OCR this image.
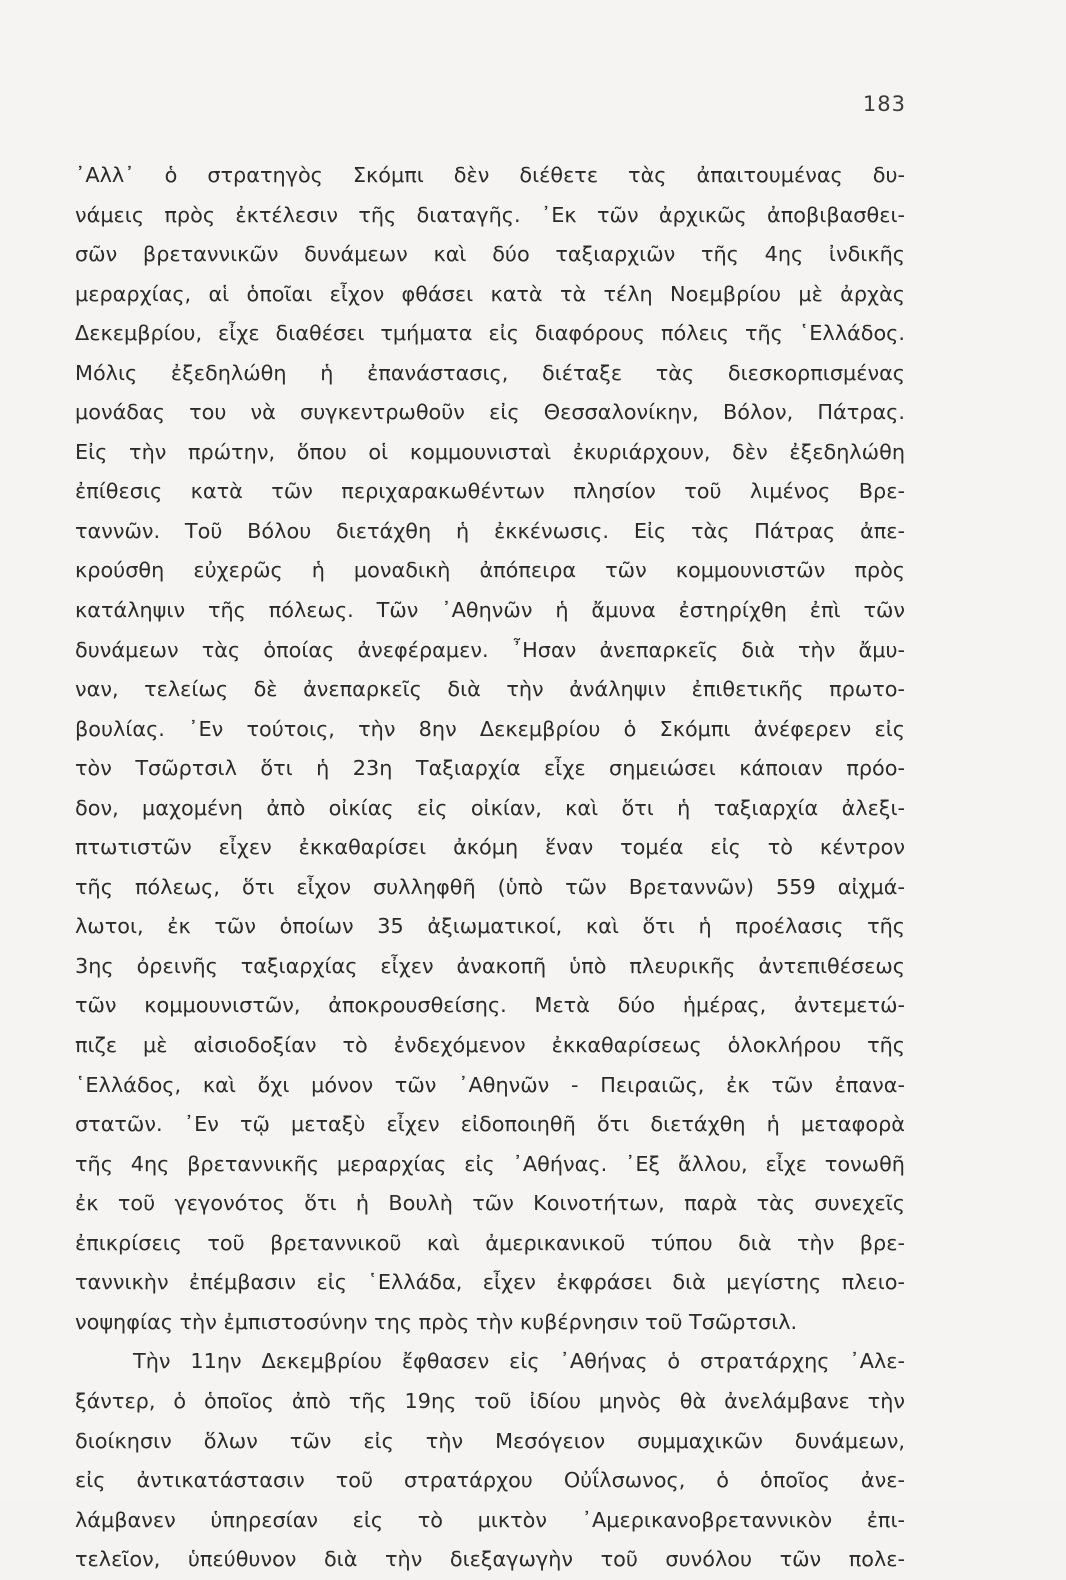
183
᾿Αλλ᾿ ὁ στρατηγὸς Σκόμπι δὲν διέθετε τὰς ἀπαιτουμένας δυ-
νάμεις πρὸς ἐκτέλεσιν τῆς διαταγῆς. ᾿Εκ τῶν ἀρχικῶς ἀποβιβασθει-
σῶν βρεταννικῶν δυνάμεων καὶ δύο ταξιαρχιῶν τῆς 4ης ἰνδικῆς
μεραρχίας, αἱ ὁποῖαι εἶχον φθάσει κατὰ τὰ τέλη Νοεμβρίου μὲ ἀρχὰς
Δεκεμβρίου, εἶχε διαθέσει τμήματα εἰς διαφόρους πόλεις τῆς ῾Ελλάδος.
Μόλις ἐξεδηλώθη ἡ ἐπανάστασις, διέταξε τὰς διεσκορπισμένας
μονάδας του νὰ συγκεντρωθοῦν εἰς Θεσσαλονίκην, Βόλον, Πάτρας.
Εἰς τὴν πρώτην, ὅπου οἱ κομμουνισταὶ ἐκυριάρχουν, δὲν ἐξεδηλώθη
ἐπίθεσις κατὰ τῶν περιχαρακωθέντων πλησίον τοῦ λιμένος Βρε-
ταννῶν. Τοῦ Βόλου διετάχθη ἡ ἐκκένωσις. Εἰς τὰς Πάτρας ἀπε-
κρούσθη εὐχερῶς ἡ μοναδικὴ ἀπόπειρα τῶν κομμουνιστῶν πρὸς
κατάληψιν τῆς πόλεως. Τῶν ᾿Αθηνῶν ἡ ἄμυνα ἐστηρίχθη ἐπὶ τῶν
δυνάμεων τὰς ὁποίας ἀνεφέραμεν. ῏Ησαν ἀνεπαρκεῖς διὰ τὴν ἄμυ-
ναν, τελείως δὲ ἀνεπαρκεῖς διὰ τὴν ἀνάληψιν ἐπιθετικῆς πρωτο-
βουλίας. ᾿Εν τούτοις, τὴν 8ην Δεκεμβρίου ὁ Σκόμπι ἀνέφερεν εἰς
τὸν Τσῶρτσιλ ὅτι ἡ 23η Ταξιαρχία εἶχε σημειώσει κάποιαν πρόο-
δον, μαχομένη ἀπὸ οἰκίας εἰς οἰκίαν, καὶ ὅτι ἡ ταξιαρχία ἀλεξι-
πτωτιστῶν εἶχεν ἐκκαθαρίσει ἀκόμη ἕναν τομέα εἰς τὸ κέντρον
τῆς πόλεως, ὅτι εἶχον συλληφθῆ (ὑπὸ τῶν Βρεταννῶν) 559 αἰχμά-
λωτοι, ἐκ τῶν ὁποίων 35 ἀξιωματικοί, καὶ ὅτι ἡ προέλασις τῆς
3ης ὀρεινῆς ταξιαρχίας εἶχεν ἀνακοπῆ ὑπὸ πλευρικῆς ἀντεπιθέσεως
τῶν κομμουνιστῶν, ἀποκρουσθείσης. Μετὰ δύο ἡμέρας, ἀντεμετώ-
πιζε μὲ αἰσιοδοξίαν τὸ ἐνδεχόμενον ἐκκαθαρίσεως ὁλοκλήρου τῆς
῾Ελλάδος, καὶ ὄχι μόνον τῶν ᾿Αθηνῶν - Πειραιῶς, ἐκ τῶν ἐπανα-
στατῶν. ᾿Εν τῷ μεταξὺ εἶχεν εἰδοποιηθῆ ὅτι διετάχθη ἡ μεταφορὰ
τῆς 4ης βρεταννικῆς μεραρχίας εἰς ᾿Αθήνας. ᾿Εξ ἄλλου, εἶχε τονωθῆ
ἐκ τοῦ γεγονότος ὅτι ἡ Βουλὴ τῶν Κοινοτήτων, παρὰ τὰς συνεχεῖς
ἐπικρίσεις τοῦ βρεταννικοῦ καὶ ἀμερικανικοῦ τύπου διὰ τὴν βρε-
ταννικὴν ἐπέμβασιν εἰς ῾Ελλάδα, εἶχεν ἐκφράσει διὰ μεγίστης πλειο-
νοψηφίας τὴν ἐμπιστοσύνην της πρὸς τὴν κυβέρνησιν τοῦ Τσῶρτσιλ.
Τὴν 11ην Δεκεμβρίου ἔφθασεν εἰς ᾿Αθήνας ὁ στρατάρχης ᾿Αλε-
ξάντερ, ὁ ὁποῖος ἀπὸ τῆς 19ης τοῦ ἰδίου μηνὸς θὰ ἀνελάμβανε τὴν
διοίκησιν ὅλων τῶν εἰς τὴν Μεσόγειον συμμαχικῶν δυνάμεων,
εἰς ἀντικατάστασιν τοῦ στρατάρχου Οὐΐλσωνος, ὁ ὁποῖος ἀνε-
λάμβανεν ὑπηρεσίαν εἰς τὸ μικτὸν ᾿Αμερικανοβρεταννικὸν ἐπι-
τελεῖον, ὑπεύθυνον διὰ τὴν διεξαγωγὴν τοῦ συνόλου τῶν πολε-
